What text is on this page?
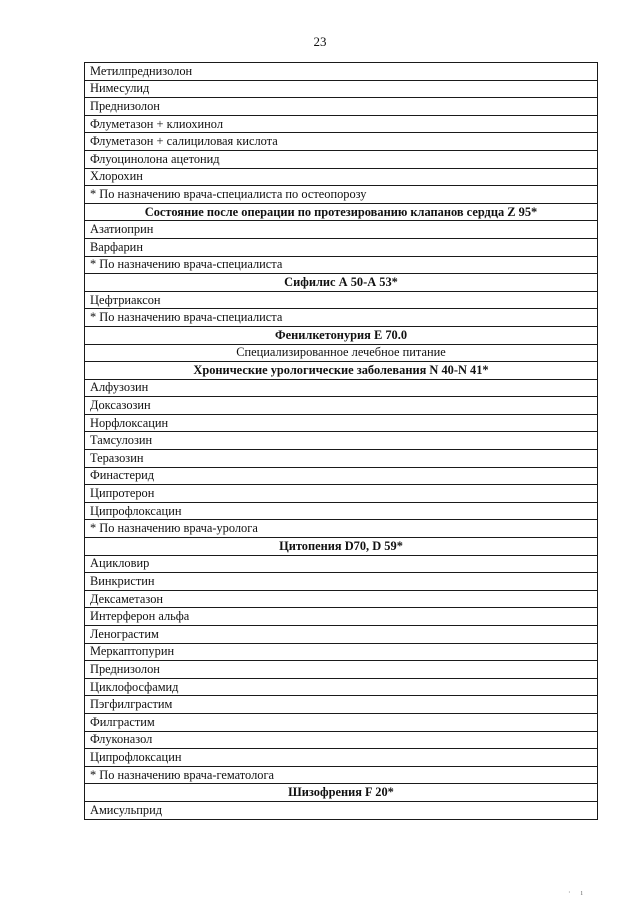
23
Метилпреднизолон
Нимесулид
Преднизолон
Флуметазон + клиохинол
Флуметазон + салициловая кислота
Флуоцинолона ацетонид
Хлорохин
* По назначению врача-специалиста по остеопорозу
Состояние после операции по протезированию клапанов сердца Z 95*
Азатиоприн
Варфарин
* По назначению врача-специалиста
Сифилис А 50-А 53*
Цефтриаксон
* По назначению врача-специалиста
Фенилкетонурия Е 70.0
Специализированное лечебное питание
Хронические урологические заболевания N 40-N 41*
Алфузозин
Доксазозин
Норфлоксацин
Тамсулозин
Теразозин
Финастерид
Ципротерон
Ципрофлоксацин
* По назначению врача-уролога
Цитопения D70, D 59*
Ацикловир
Винкристин
Дексаметазон
Интерферон альфа
Ленограстим
Меркаптопурин
Преднизолон
Циклофосфамид
Пэгфилграстим
Филграстим
Флуконазол
Ципрофлоксацин
* По назначению врача-гематолога
Шизофрения F 20*
Амисульприд
· ı
